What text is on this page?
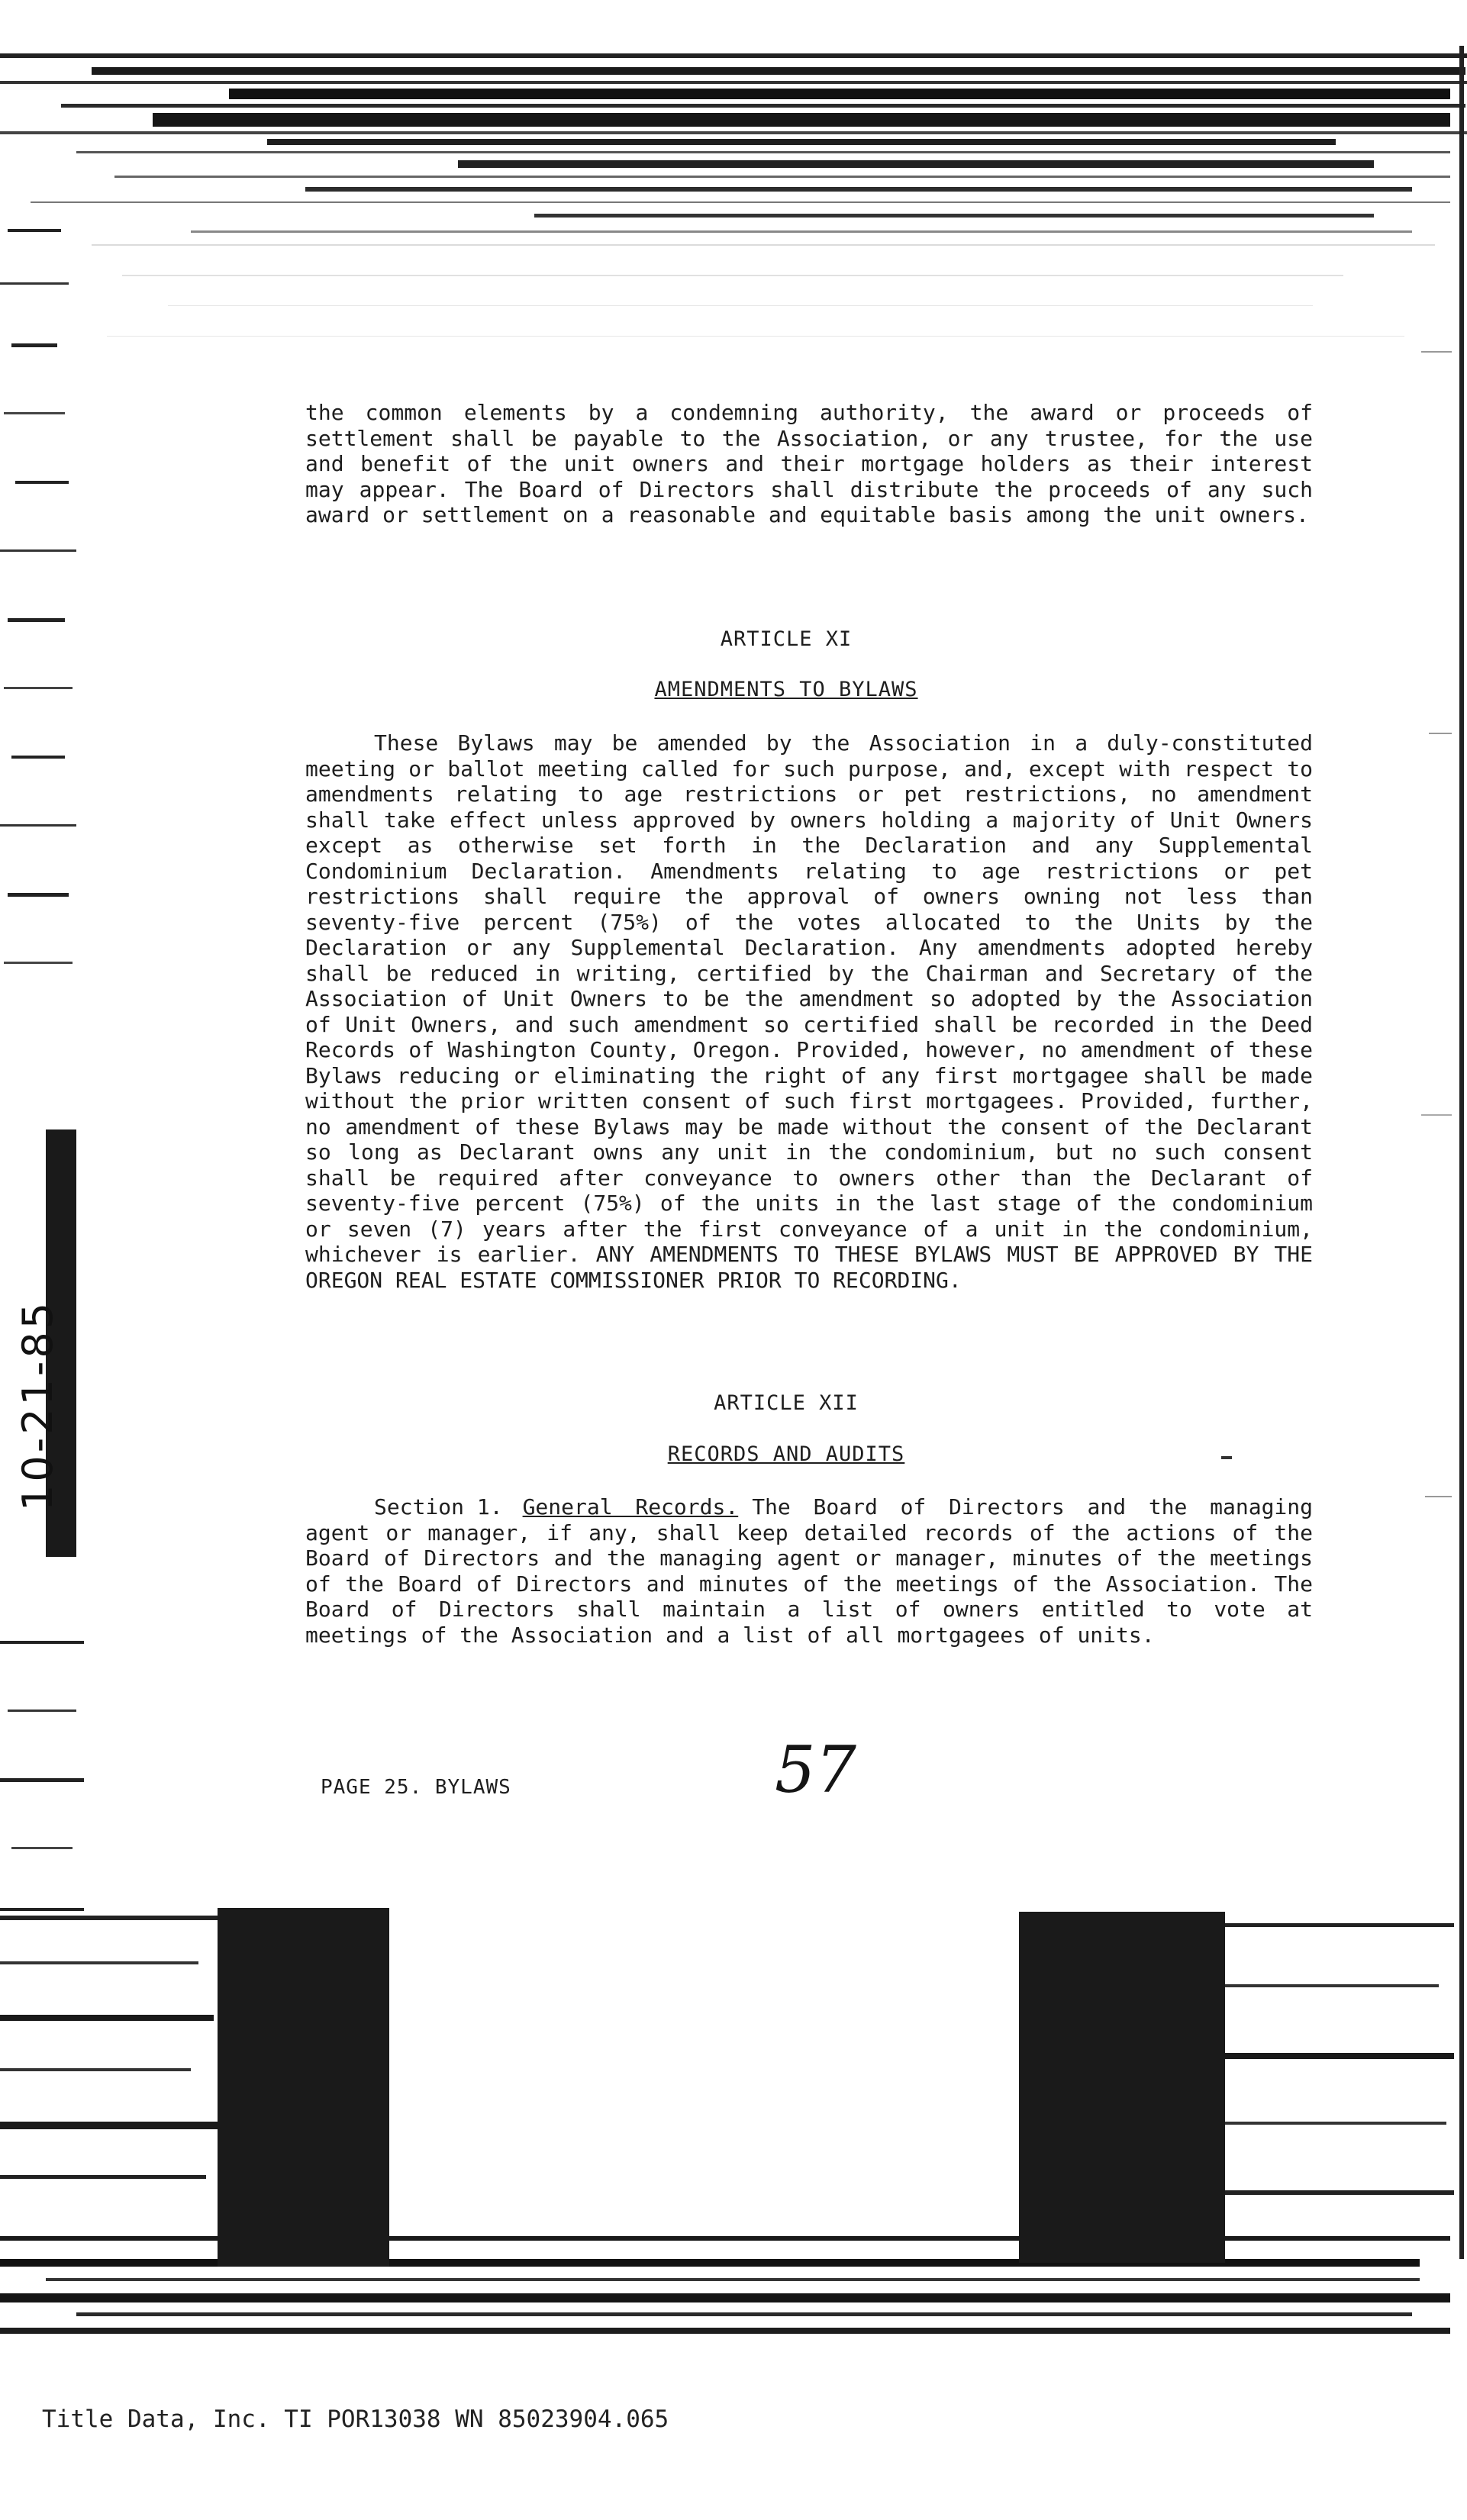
10-21-85
the common elements by a condemning authority, the award or proceeds of settlement shall be payable to the Association, or any trustee, for the use and benefit of the unit owners and their mortgage holders as their interest may appear. The Board of Directors shall distribute the proceeds of any such award or settlement on a reasonable and equitable basis among the unit owners.
ARTICLE XI
AMENDMENTS TO BYLAWS
These Bylaws may be amended by the Association in a duly-constituted meeting or ballot meeting called for such purpose, and, except with respect to amendments relating to age restrictions or pet restrictions, no amendment shall take effect unless approved by owners holding a majority of Unit Owners except as otherwise set forth in the Declaration and any Supplemental Condominium Declaration. Amendments relating to age restrictions or pet restrictions shall require the approval of owners owning not less than seventy-five percent (75%) of the votes allocated to the Units by the Declaration or any Supplemental Declaration. Any amendments adopted hereby shall be reduced in writing, certified by the Chairman and Secretary of the Association of Unit Owners to be the amendment so adopted by the Association of Unit Owners, and such amendment so certified shall be recorded in the Deed Records of Washington County, Oregon. Provided, however, no amendment of these Bylaws reducing or eliminating the right of any first mortgagee shall be made without the prior written consent of such first mortgagees. Provided, further, no amendment of these Bylaws may be made without the consent of the Declarant so long as Declarant owns any unit in the condominium, but no such consent shall be required after conveyance to owners other than the Declarant of seventy-five percent (75%) of the units in the last stage of the condominium or seven (7) years after the first conveyance of a unit in the condominium, whichever is earlier. ANY AMENDMENTS TO THESE BYLAWS MUST BE APPROVED BY THE OREGON REAL ESTATE COMMISSIONER PRIOR TO RECORDING.
ARTICLE XII
RECORDS AND AUDITS
Section 1. General Records. The Board of Directors and the managing agent or manager, if any, shall keep detailed records of the actions of the Board of Directors and the managing agent or manager, minutes of the meetings of the Board of Directors and minutes of the meetings of the Association. The Board of Directors shall maintain a list of owners entitled to vote at meetings of the Association and a list of all mortgagees of units.
PAGE 25. BYLAWS	57
Title Data, Inc. TI POR13038 WN 85023904.065
